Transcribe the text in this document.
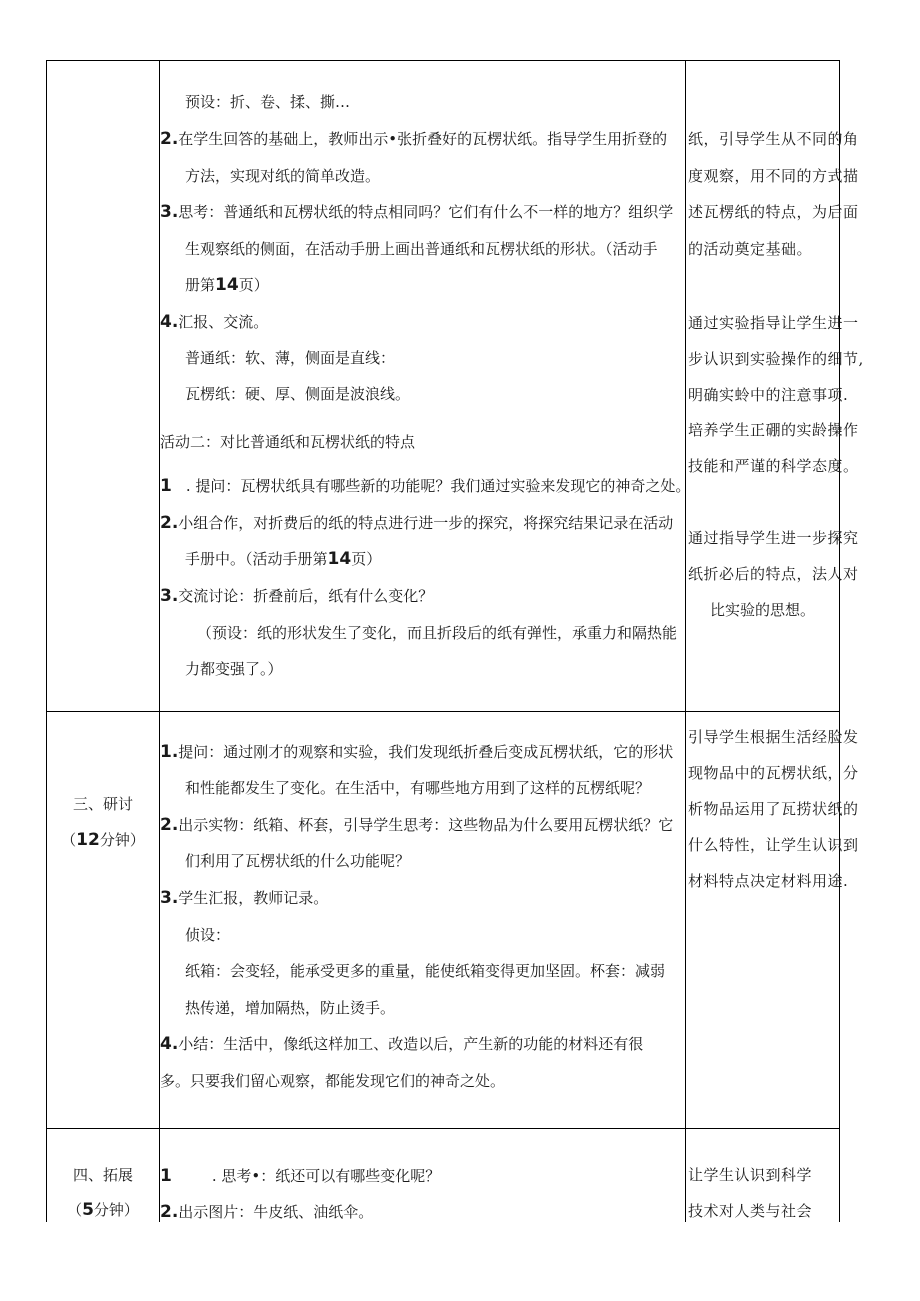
预设：折、卷、揉、撕…
2.在学生回答的基础上，教师出示•张折叠好的瓦楞状纸。指导学生用折登的
方法，实现对纸的简单改造。
3.思考：普通纸和瓦楞状纸的特点相同吗？它们有什么不一样的地方？组织学
生观察纸的侧面，在活动手册上画出普通纸和瓦楞状纸的形状。（活动手
册第14页）
4.汇报、交流。
普通纸：软、薄，侧面是直线：
瓦楞纸：硬、厚、侧面是波浪线。
活动二：对比普通纸和瓦楞状纸的特点
1 . 提问：瓦楞状纸具有哪些新的功能呢？我们通过实验来发现它的神奇之处。
2.小组合作，对折费后的纸的特点进行进一步的探究，将探究结果记录在活动
手册中。（活动手册第14页）
3.交流讨论：折叠前后，纸有什么变化？
（预设：纸的形状发生了变化，而且折段后的纸有弹性，承重力和隔热能
力都变强了。）
纸，引导学生从不同的角
度观察，用不同的方式描
述瓦楞纸的特点，为后面
的活动奠定基础。
通过实验指导让学生进一
步认识到实验操作的细节,
明确实蛉中的注意事项.
培养学生正硼的实龄操作
技能和严谨的科学态度。
通过指导学生进一步探究
纸折必后的特点，法人对
比实验的思想。
三、研讨
（12分钟）
1.提问：通过刚才的观察和实验，我们发现纸折叠后变成瓦楞状纸，它的形状
和性能都发生了变化。在生活中，有哪些地方用到了这样的瓦楞纸呢？
2.出示实物：纸箱、杯套，引导学生思考：这些物品为什么要用瓦楞状纸？它
们利用了瓦楞状纸的什么功能呢？
3.学生汇报，教师记录。
侦设：
纸箱：会变轻，能承受更多的重量，能使纸箱变得更加坚固。杯套：减弱
热传递，增加隔热，防止烫手。
4.小结：生活中，像纸这样加工、改造以后，产生新的功能的材料还有很
多。只要我们留心观察，都能发现它们的神奇之处。
引导学生根据生活经脸发
现物品中的瓦楞状纸，分
析物品运用了瓦捞状纸的
什么特性，让学生认识到
材料特点决定材料用途.
四、拓展
（5分钟）
1	. 思考•：纸还可以有哪些变化呢？
2.出示图片：牛皮纸、油纸伞。
让学生认识到科学
技术对人类与社会
